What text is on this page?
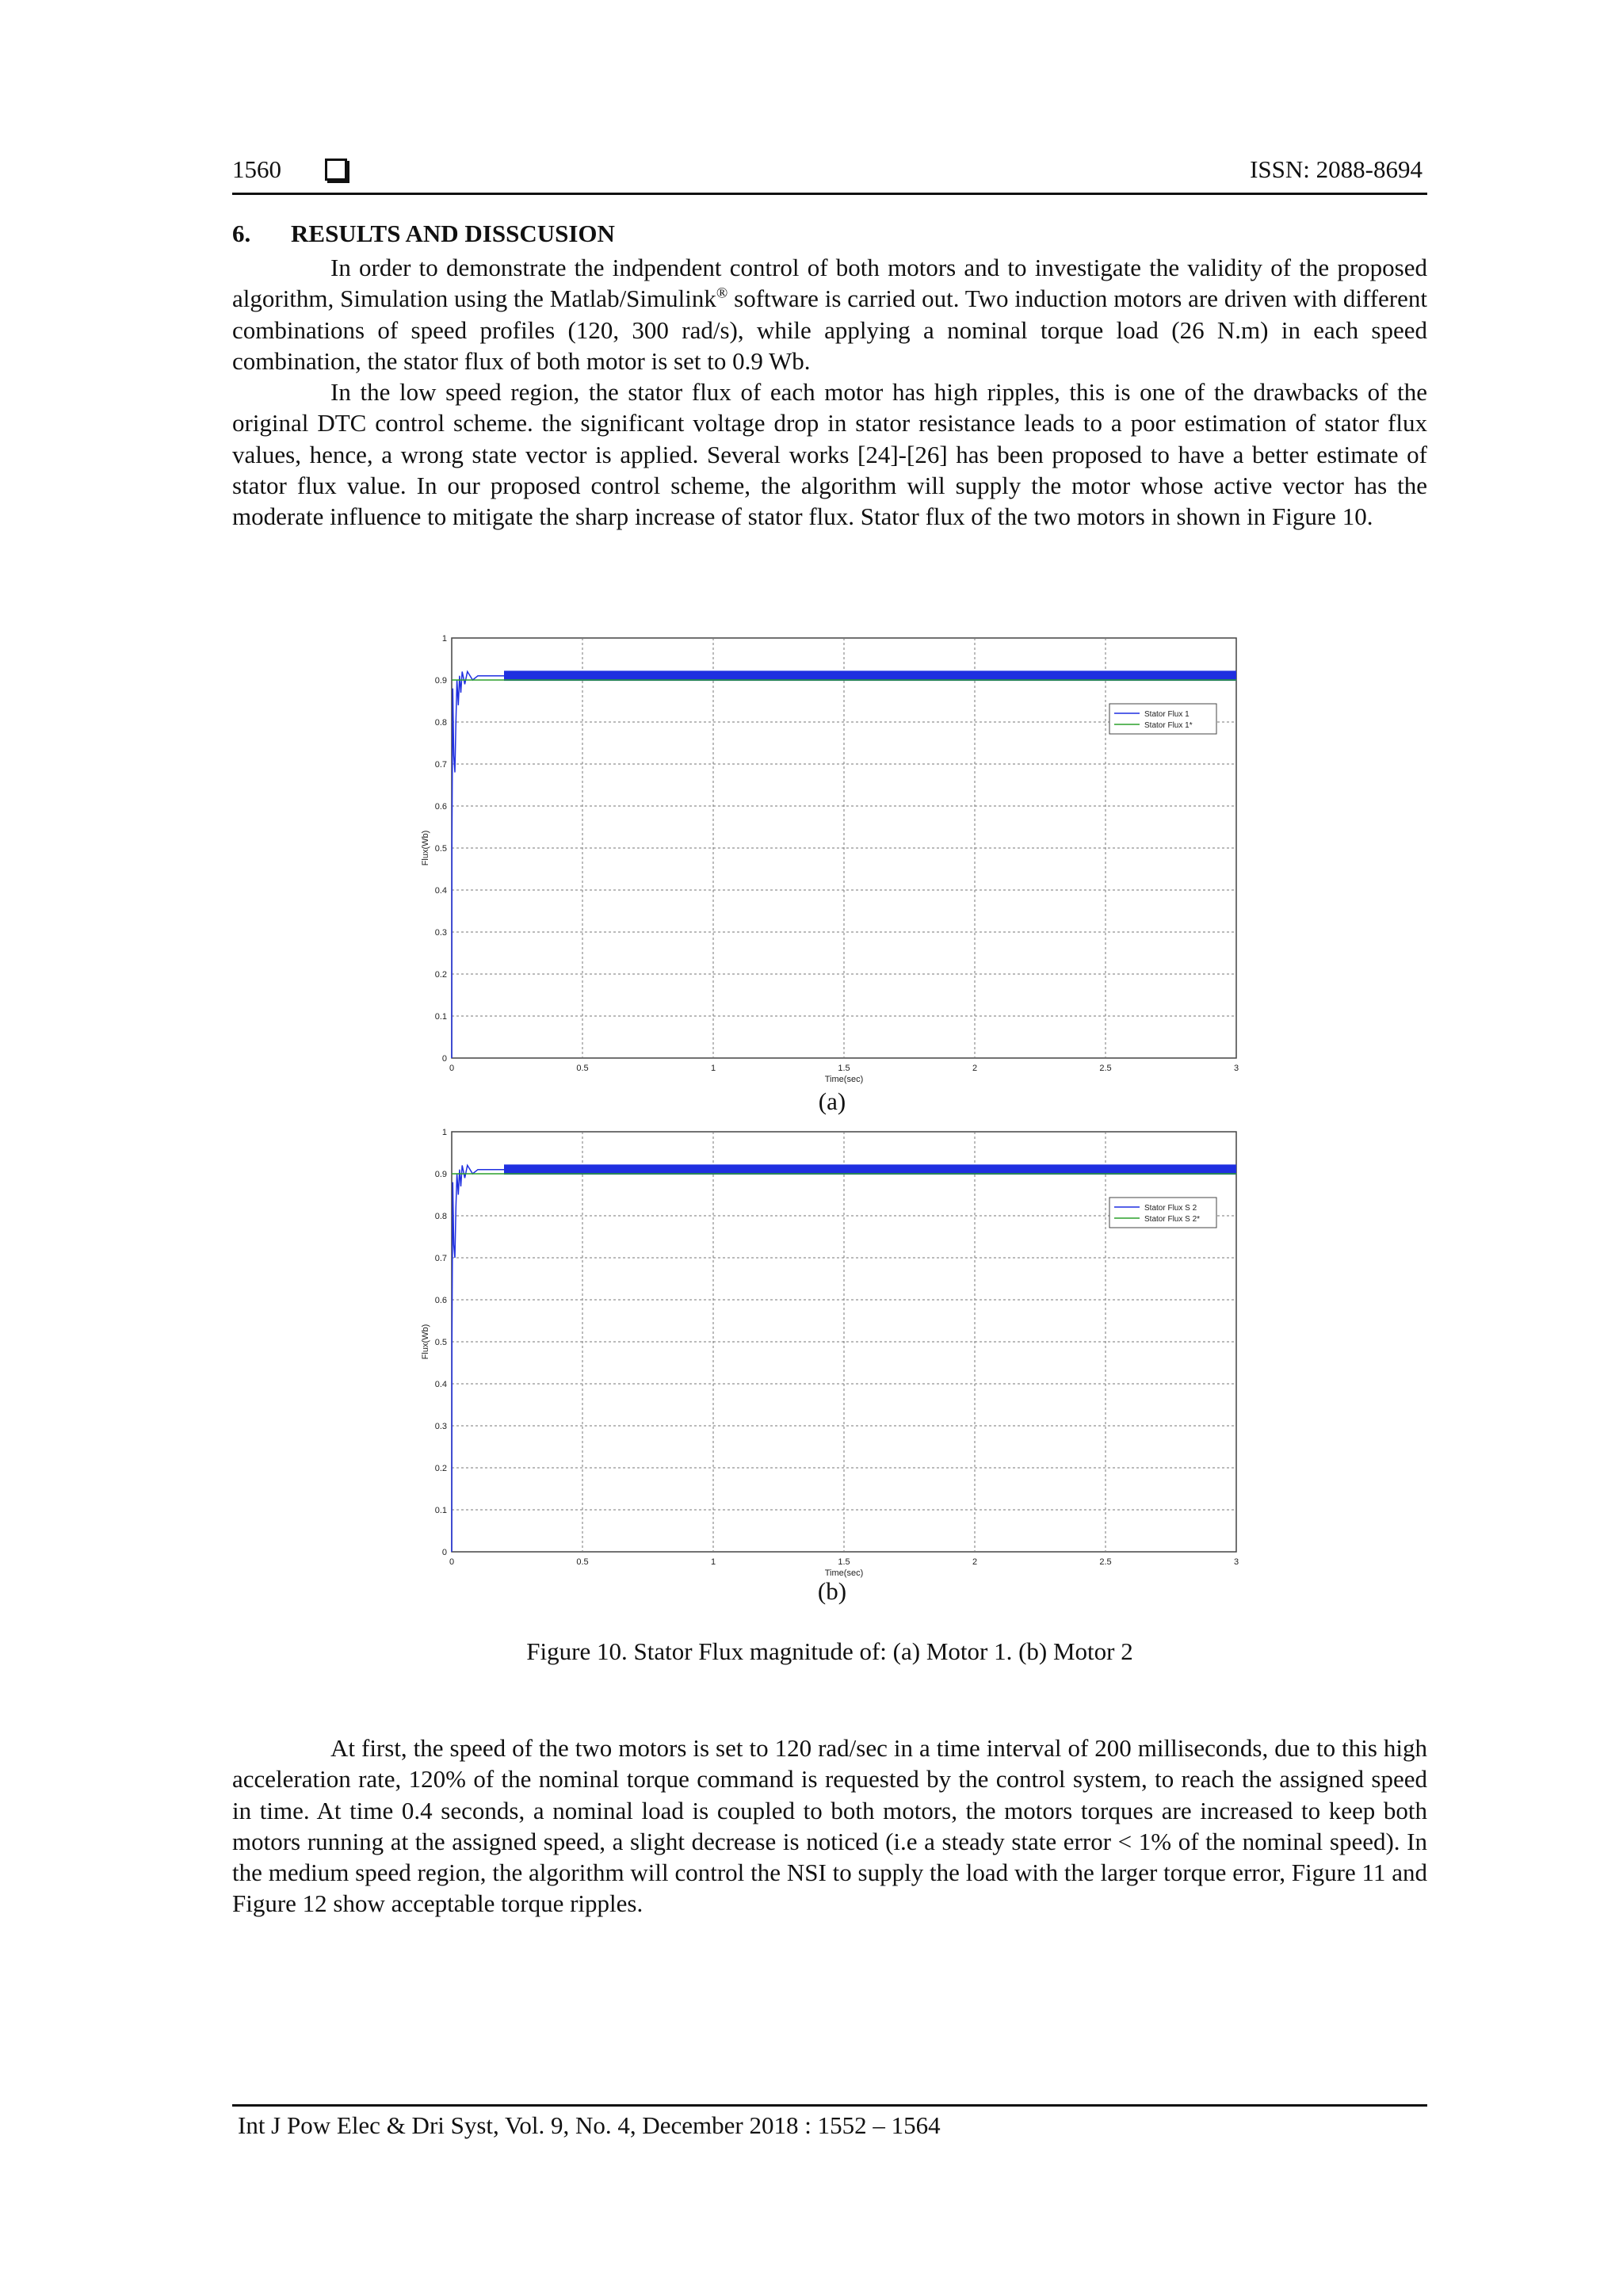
1560	ISSN: 2088-8694
6. RESULTS AND DISSCUSION

In order to demonstrate the indpendent control of both motors and to investigate the validity of the proposed algorithm, Simulation using the Matlab/Simulink® software is carried out. Two induction motors are driven with different combinations of speed profiles (120, 300 rad/s), while applying a nominal torque load (26 N.m) in each speed combination, the stator flux of both motor is set to 0.9 Wb.

In the low speed region, the stator flux of each motor has high ripples, this is one of the drawbacks of the original DTC control scheme. the significant voltage drop in stator resistance leads to a poor estimation of stator flux values, hence, a wrong state vector is applied. Several works [24]-[26] has been proposed to have a better estimate of stator flux value. In our proposed control scheme, the algorithm will supply the motor whose active vector has the moderate influence to mitigate the sharp increase of stator flux. Stator flux of the two motors in shown in Figure 10.

0	0.5	1	1.5	2	2.5	3
0
0.1
0.2
0.3
0.4
0.5
0.6
0.7
0.8
0.9
1
Time(sec)
Flux(Wb)
Stator Flux 1
Stator Flux 1*
(a)
0	0.5	1	1.5	2	2.5	3
0
0.1
0.2
0.3
0.4
0.5
0.6
0.7
0.8
0.9
1
Time(sec)
Flux(Wb)
Stator Flux S 2
Stator Flux S 2*
(b)
Figure 10. Stator Flux magnitude of: (a) Motor 1. (b) Motor 2

At first, the speed of the two motors is set to 120 rad/sec in a time interval of 200 milliseconds, due to this high acceleration rate, 120% of the nominal torque command is requested by the control system, to reach the assigned speed in time. At time 0.4 seconds, a nominal load is coupled to both motors, the motors torques are increased to keep both motors running at the assigned speed, a slight decrease is noticed (i.e a steady state error < 1% of the nominal speed). In the medium speed region, the algorithm will control the NSI to supply the load with the larger torque error, Figure 11 and Figure 12 show acceptable torque ripples.

Int J Pow Elec & Dri Syst, Vol. 9, No. 4, December 2018 : 1552 – 1564
